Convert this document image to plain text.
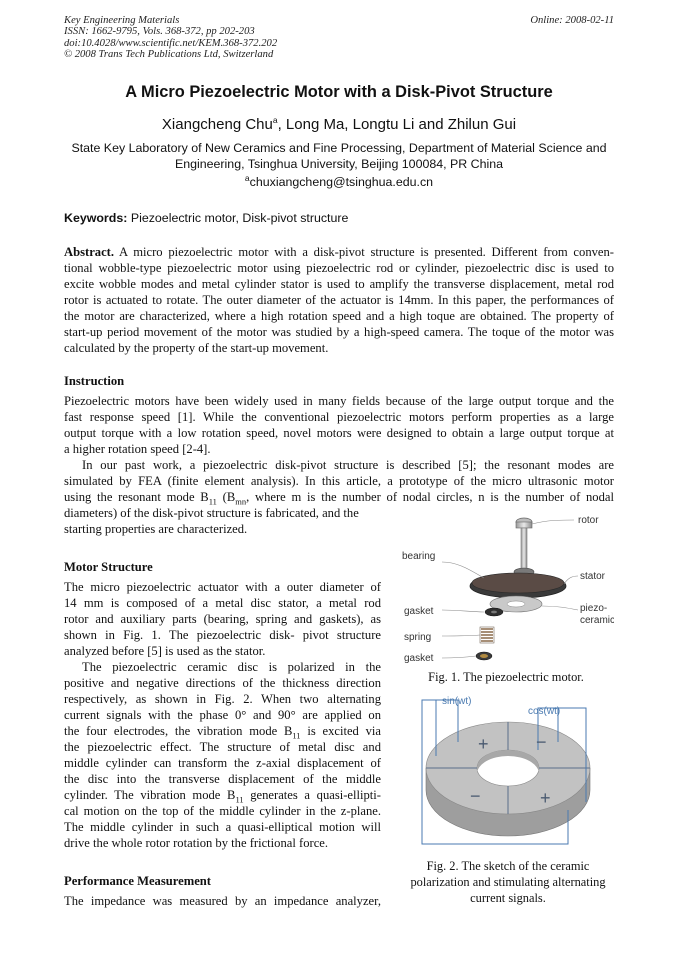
Key Engineering Materials
ISSN: 1662-9795, Vols. 368-372, pp 202-203
doi:10.4028/www.scientific.net/KEM.368-372.202
© 2008 Trans Tech Publications Ltd, Switzerland
Online: 2008-02-11
A Micro Piezoelectric Motor with a Disk-Pivot Structure
Xiangcheng Chu$^a$, Long Ma, Longtu Li and Zhilun Gui
State Key Laboratory of New Ceramics and Fine Processing, Department of Material Science and
Engineering, Tsinghua University, Beijing 100084, PR China
$^a$chuxiangcheng@tsinghua.edu.cn
Keywords: Piezoelectric motor, Disk-pivot structure
Abstract. A micro piezoelectric motor with a disk-pivot structure is presented. Different from conven-
tional wobble-type piezoelectric motor using piezoelectric rod or cylinder, piezoelectric disc is used to
excite wobble modes and metal cylinder stator is used to amplify the transverse displacement, metal rod
rotor is actuated to rotate. The outer diameter of the actuator is 14mm. In this paper, the performances of
the motor are characterized, where a high rotation speed and a high toque are obtained. The property of
start-up period movement of the motor was studied by a high-speed camera. The toque of the motor was
calculated by the property of the start-up movement.
Instruction
Piezoelectric motors have been widely used in many fields because of the large output torque and the
fast response speed [1]. While the conventional piezoelectric motors perform properties as a large
output torque with a low rotation speed, novel motors were designed to obtain a large output torque at
a higher rotation speed [2-4].
In our past work, a piezoelectric disk-pivot structure is described [5]; the resonant modes are
simulated by FEA (finite element analysis). In this article, a prototype of the micro ultrasonic motor
using the resonant mode $B_{11}$ ($B_{mn}$, where m is the number of nodal circles, n is the number of nodal
diameters) of the disk-pivot structure is fabricated, and the
starting properties are characterized.
Motor Structure
The micro piezoelectric actuator with a outer diameter of
14 mm is composed of a metal disc stator, a metal rod
rotor and auxiliary parts (bearing, spring and gaskets), as
shown in Fig. 1. The piezoelectric disk- pivot structure
analyzed before [5] is used as the stator.
The piezoelectric ceramic disc is polarized in the
positive and negative directions of the thickness direction
respectively, as shown in Fig. 2. When two alternating
current signals with the phase 0° and 90° are applied on
the four electrodes, the vibration mode $B_{11}$ is excited via
the piezoelectric effect. The structure of metal disc and
middle cylinder can transform the z-axial displacement of
the disc into the transverse displacement of the middle
cylinder. The vibration mode $B_{11}$ generates a quasi-ellipti-
cal motion on the top of the middle cylinder in the z-plane.
The middle cylinder in such a quasi-elliptical motion will
drive the whole rotor rotation by the frictional force.
Performance Measurement
The impedance was measured by an impedance analyzer,
rotor
bearing
stator
gasket	piezo-
ceramic
spring
gasket
Fig. 1. The piezoelectric motor.
sin(wt)
cos(wt)
+	−
−	+
Fig. 2. The sketch of the ceramic
polarization and stimulating alternating
current signals.
